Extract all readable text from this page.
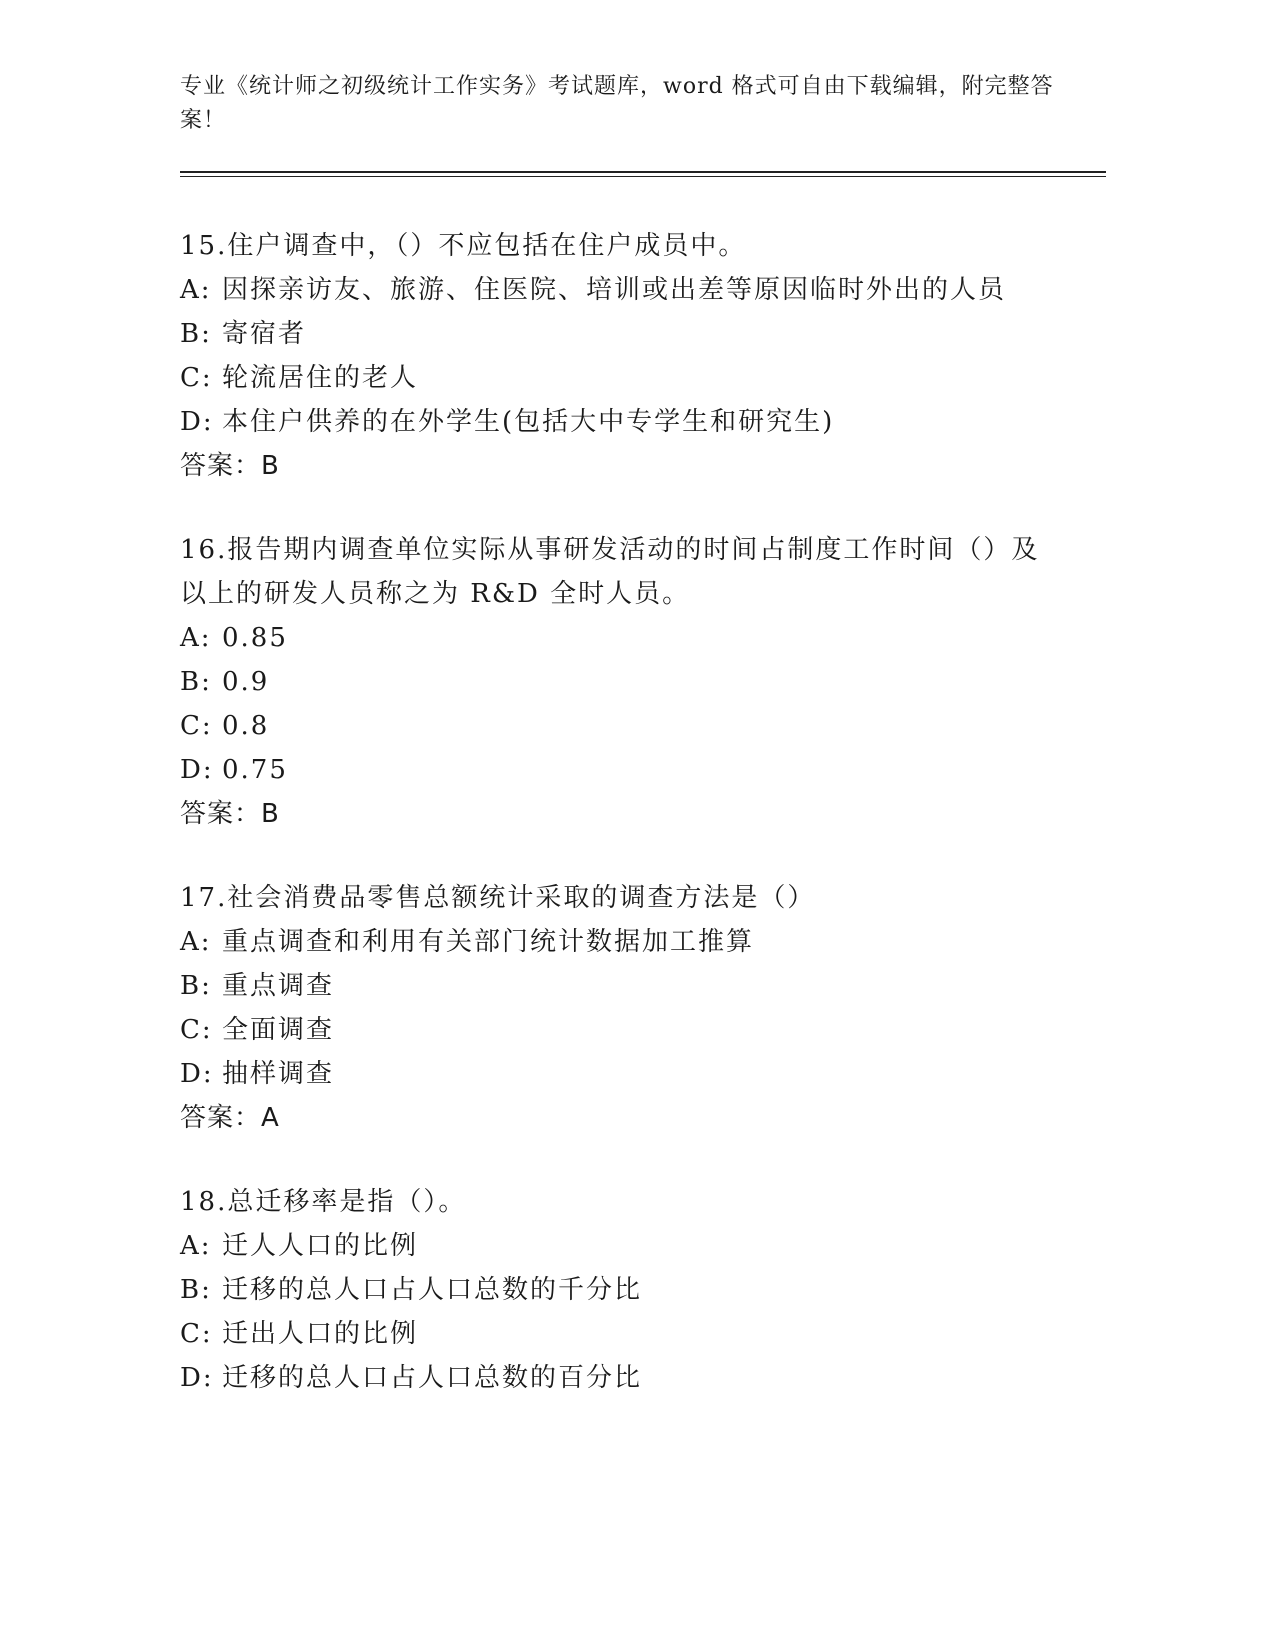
专业《统计师之初级统计工作实务》考试题库，word 格式可自由下载编辑，附完整答案！
15.住户调查中，（）不应包括在住户成员中。
A: 因探亲访友、旅游、住医院、培训或出差等原因临时外出的人员
B: 寄宿者
C: 轮流居住的老人
D: 本住户供养的在外学生(包括大中专学生和研究生)
答案：B
16.报告期内调查单位实际从事研发活动的时间占制度工作时间（）及以上的研发人员称之为 R&D 全时人员。
A: 0.85
B: 0.9
C: 0.8
D: 0.75
答案：B
17.社会消费品零售总额统计采取的调查方法是（）
A: 重点调查和利用有关部门统计数据加工推算
B: 重点调查
C: 全面调查
D: 抽样调查
答案：A
18.总迁移率是指（）。
A: 迁人人口的比例
B: 迁移的总人口占人口总数的千分比
C: 迁出人口的比例
D: 迁移的总人口占人口总数的百分比
